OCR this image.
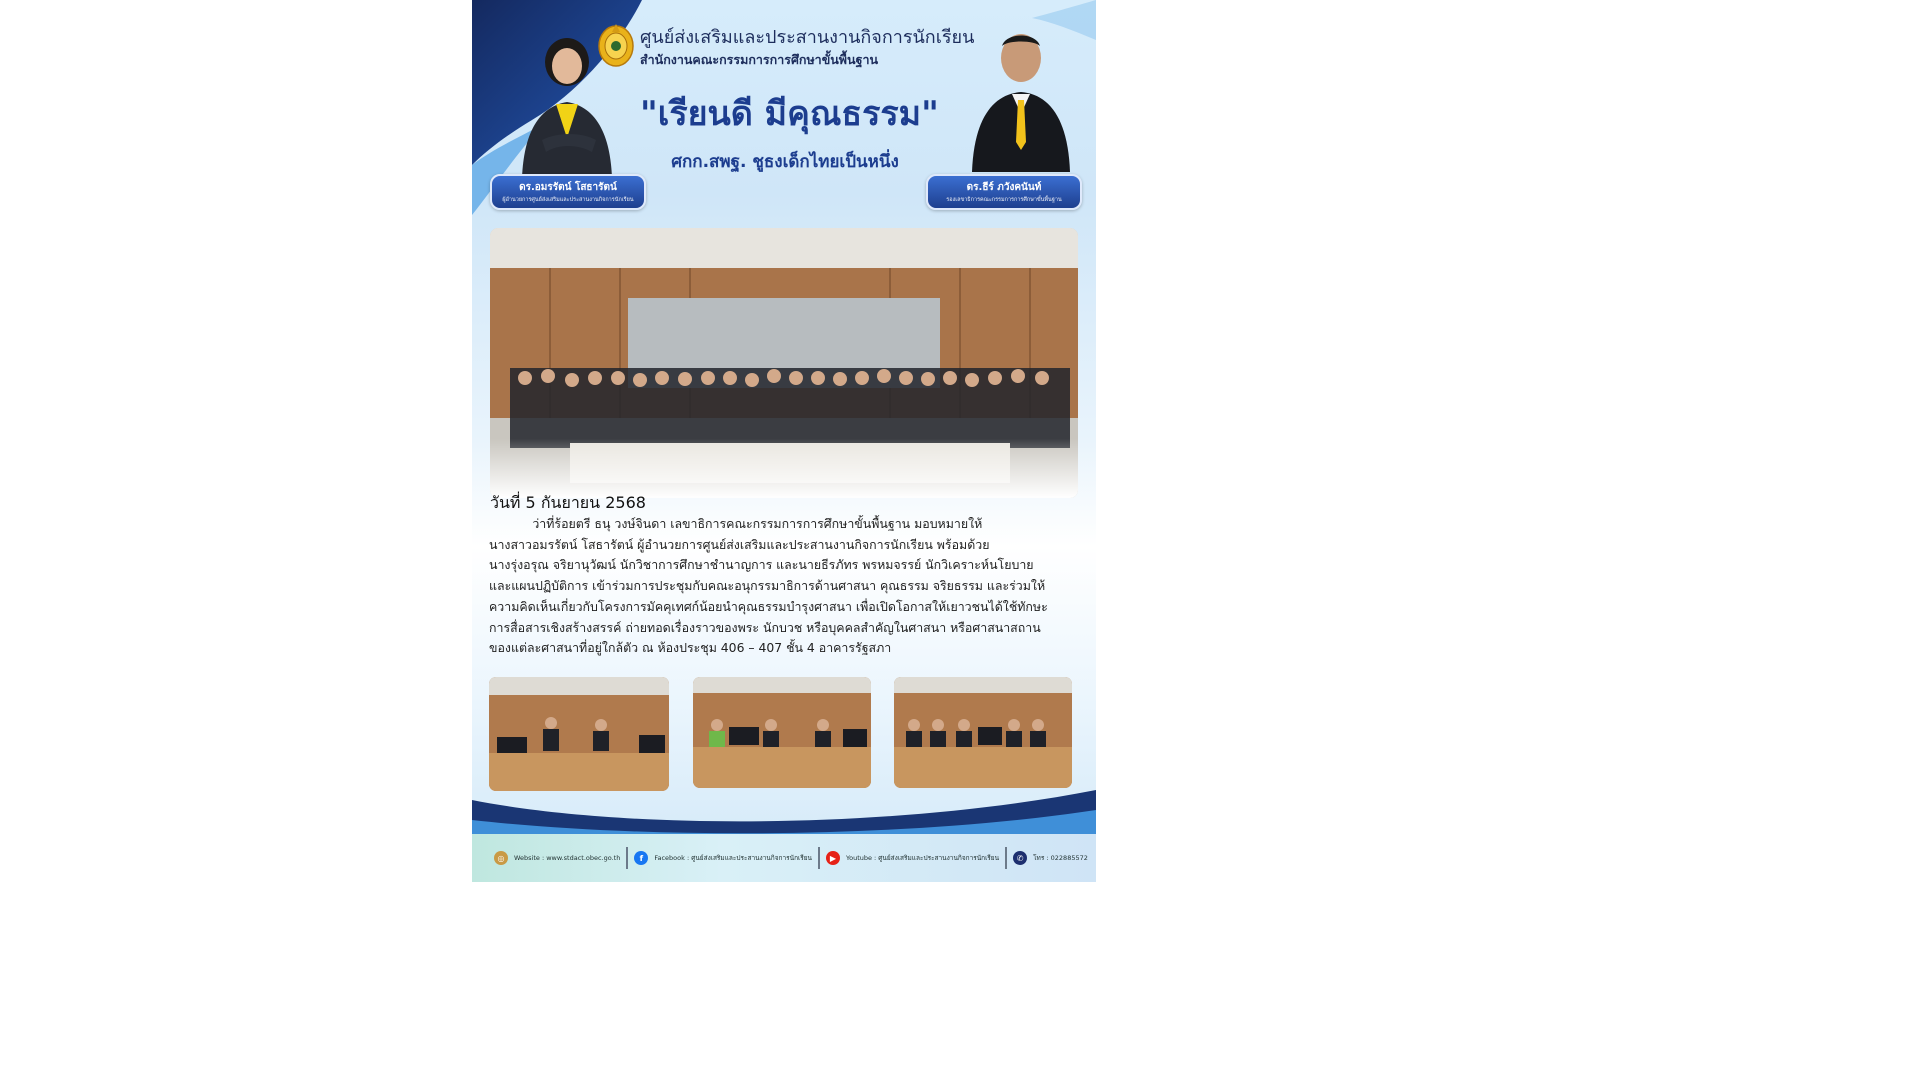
ศูนย์ส่งเสริมและประสานงานกิจการนักเรียน
สำนักงานคณะกรรมการการศึกษาขั้นพื้นฐาน
"เรียนดี มีคุณธรรม"
ศกก.สพฐ. ชูธงเด็กไทยเป็นหนึ่ง
ดร.อมรรัตน์ โสธารัตน์
ผู้อำนวยการศูนย์ส่งเสริมและประสานงานกิจการนักเรียน
ดร.ธีร์ ภวังคนันท์
รองเลขาธิการคณะกรรมการการศึกษาขั้นพื้นฐาน
วันที่ 5 กันยายน 2568

ว่าที่ร้อยตรี ธนุ วงษ์จินดา เลขาธิการคณะกรรมการการศึกษาขั้นพื้นฐาน มอบหมายให้

นางสาวอมรรัตน์ โสธารัตน์ ผู้อำนวยการศูนย์ส่งเสริมและประสานงานกิจการนักเรียน พร้อมด้วย

นางรุ่งอรุณ จริยานุวัฒน์ นักวิชาการศึกษาชำนาญการ และนายธีรภัทร พรหมจรรย์ นักวิเคราะห์นโยบาย

และแผนปฏิบัติการ เข้าร่วมการประชุมกับคณะอนุกรรมาธิการด้านศาสนา คุณธรรม จริยธรรม และร่วมให้

ความคิดเห็นเกี่ยวกับโครงการมัคคุเทศก์น้อยนำคุณธรรมบำรุงศาสนา เพื่อเปิดโอกาสให้เยาวชนได้ใช้ทักษะ

การสื่อสารเชิงสร้างสรรค์ ถ่ายทอดเรื่องราวของพระ นักบวช หรือบุคคลสำคัญในศาสนา หรือศาสนาสถาน

ของแต่ละศาสนาที่อยู่ใกล้ตัว ณ ห้องประชุม 406 – 407 ชั้น 4 อาคารรัฐสภา

◎	Website : www.stdact.obec.go.th	f	Facebook : ศูนย์ส่งเสริมและประสานงานกิจการนักเรียน	▶	Youtube : ศูนย์ส่งเสริมและประสานงานกิจการนักเรียน	✆	โทร : 022885572
